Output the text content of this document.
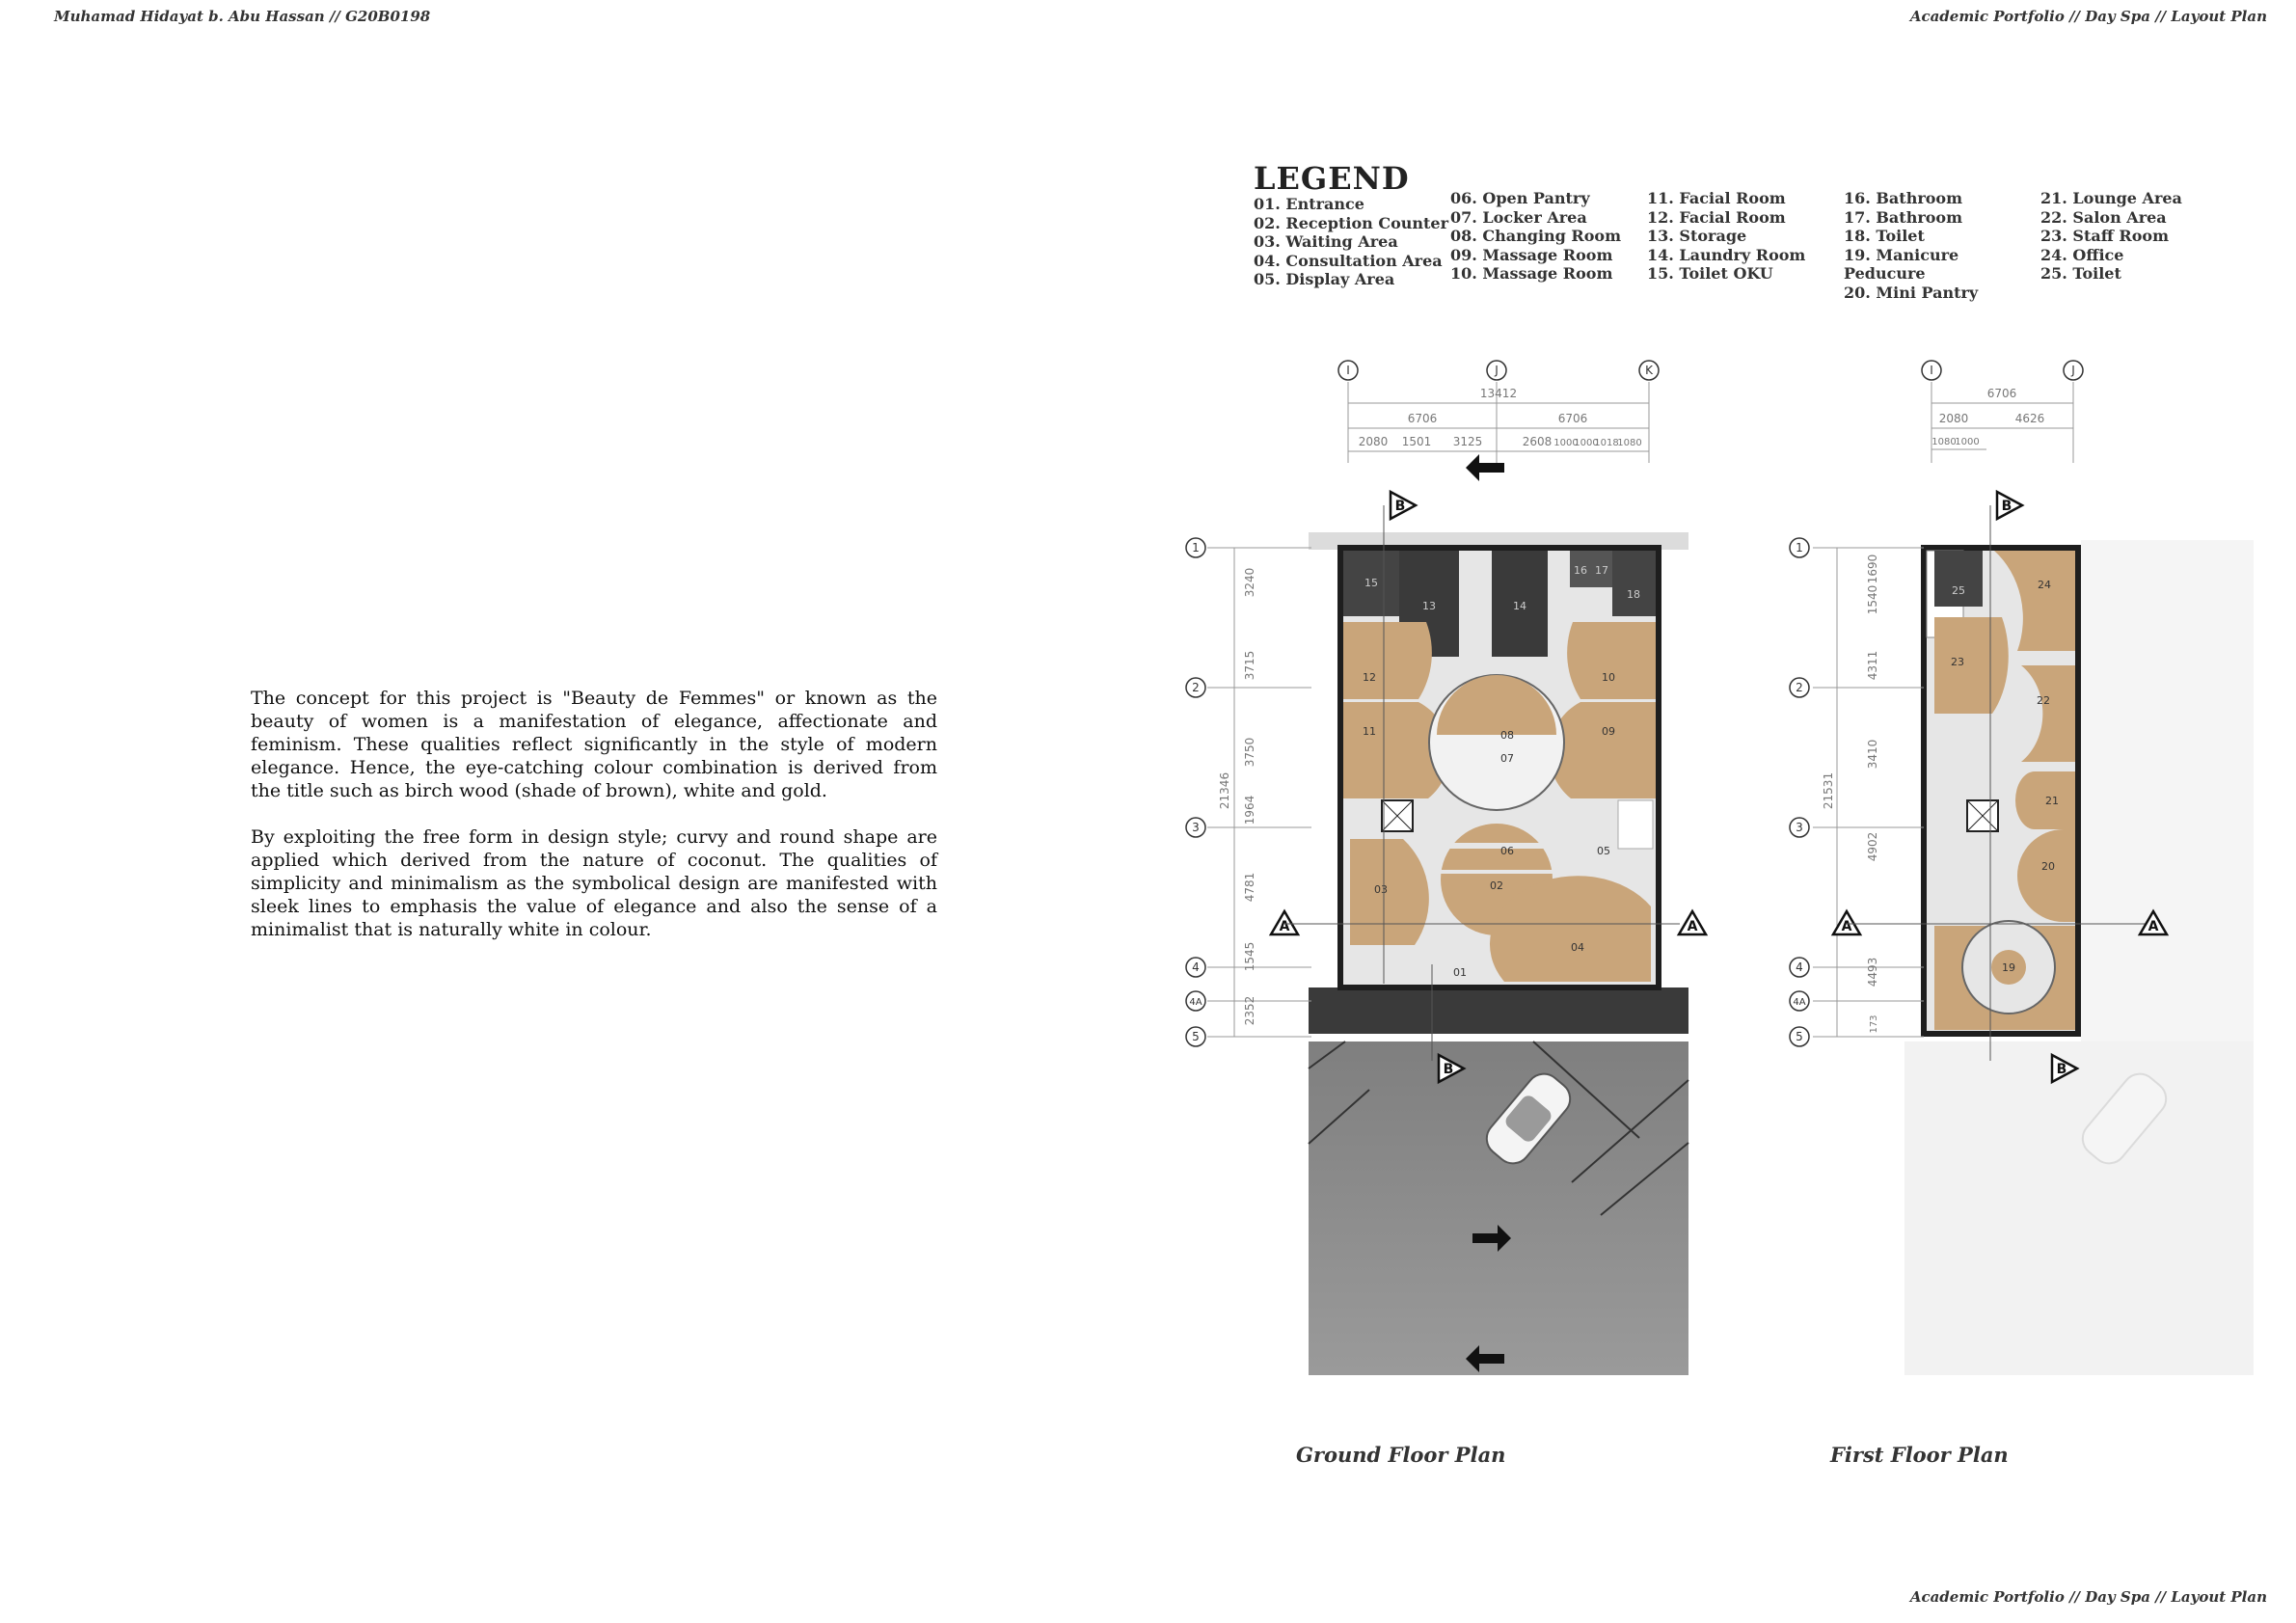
Muhamad Hidayat b. Abu Hassan // G20B0198	Academic Portfolio // Day Spa // Layout Plan

The concept for this project is "Beauty de Femmes" or known as the beauty of women is a manifestation of elegance, affectionate and feminism. These qualities reflect significantly in the style of modern elegance. Hence, the eye-catching colour combination is derived from the title such as birch wood (shade of brown), white and gold.

By exploiting the free form in design style; curvy and round shape are applied which derived from the nature of coconut. The qualities of simplicity and minimalism as the symbolical design are manifested with sleek lines to emphasis the value of elegance and also the sense of a minimalist that is naturally white in colour.

LEGEND
01. Entrance
02. Reception Counter
03. Waiting Area
04. Consultation Area
05. Display Area
06. Open Pantry
07. Locker Area
08. Changing Room
09. Massage Room
10. Massage Room
11. Facial Room
12. Facial Room
13. Storage
14. Laundry Room
15. Toilet OKU
16. Bathroom
17. Bathroom
18. Toilet
19. Manicure Peducure
20. Mini Pantry
21. Lounge Area
22. Salon Area
23. Staff Room
24. Office
25. Toilet
01
02
03
04
05
06
07
08	09
10
11
12
13	14
15
16 17
18
I	J	K
1
2
3
4
4A
5
13412
6706	6706
2080 1501 3125	2608 1000
1000
1018
1080
21346
3240
3715
3750
1964
4781
1545
2352
B
B
A	A
19
20
21
22
23
24
25
I	J
1
2
3
4
4A
5
6706
2080	4626
1080
1000
21531
1690
1540
4311
3410
4902
4493
173
B
B
A	A
Ground Floor Plan	First Floor Plan
Academic Portfolio // Day Spa // Layout Plan
